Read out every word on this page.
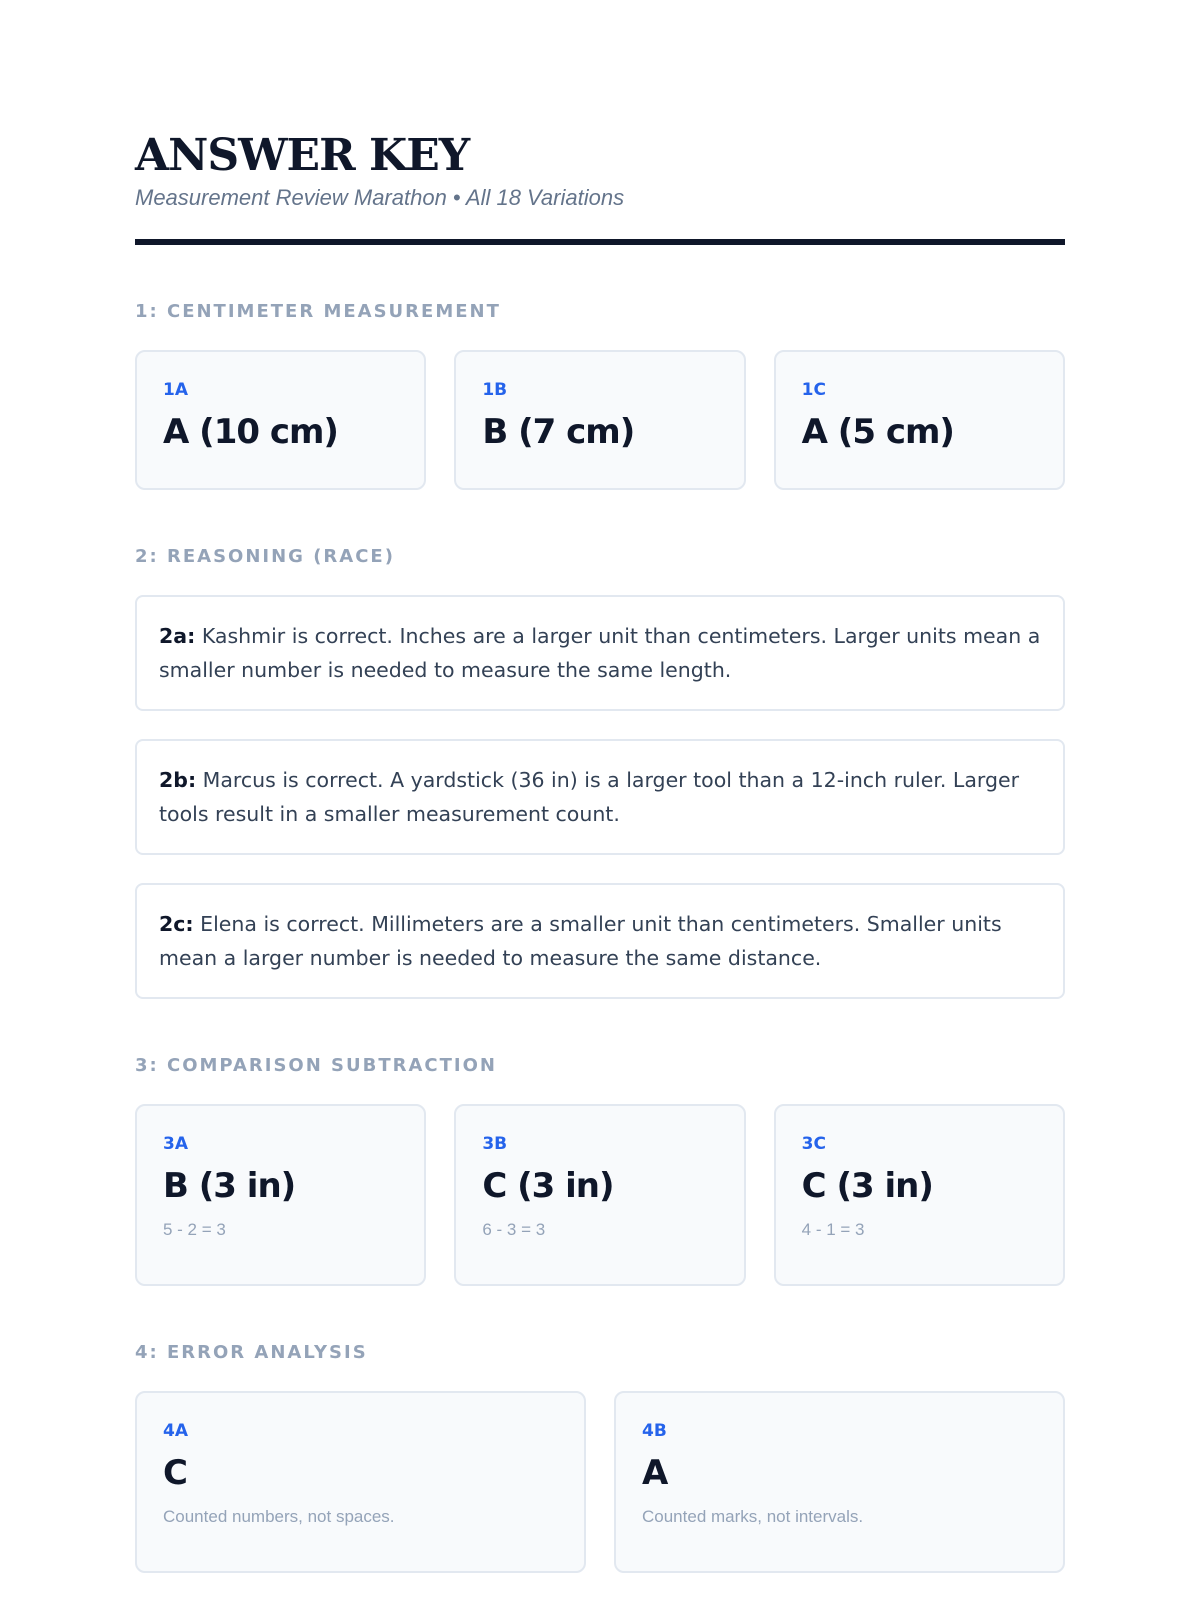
ANSWER KEY
Measurement Review Marathon • All 18 Variations
1: CENTIMETER MEASUREMENT
1A
A (10 cm)
1B
B (7 cm)
1C
A (5 cm)
2: REASONING (RACE)
2a: Kashmir is correct. Inches are a larger unit than centimeters. Larger units mean a smaller number is needed to measure the same length.
2b: Marcus is correct. A yardstick (36 in) is a larger tool than a 12-inch ruler. Larger tools result in a smaller measurement count.
2c: Elena is correct. Millimeters are a smaller unit than centimeters. Smaller units mean a larger number is needed to measure the same distance.
3: COMPARISON SUBTRACTION
3A
B (3 in)
5 - 2 = 3
3B
C (3 in)
6 - 3 = 3
3C
C (3 in)
4 - 1 = 3
4: ERROR ANALYSIS
4A
C
Counted numbers, not spaces.
4B
A
Counted marks, not intervals.
